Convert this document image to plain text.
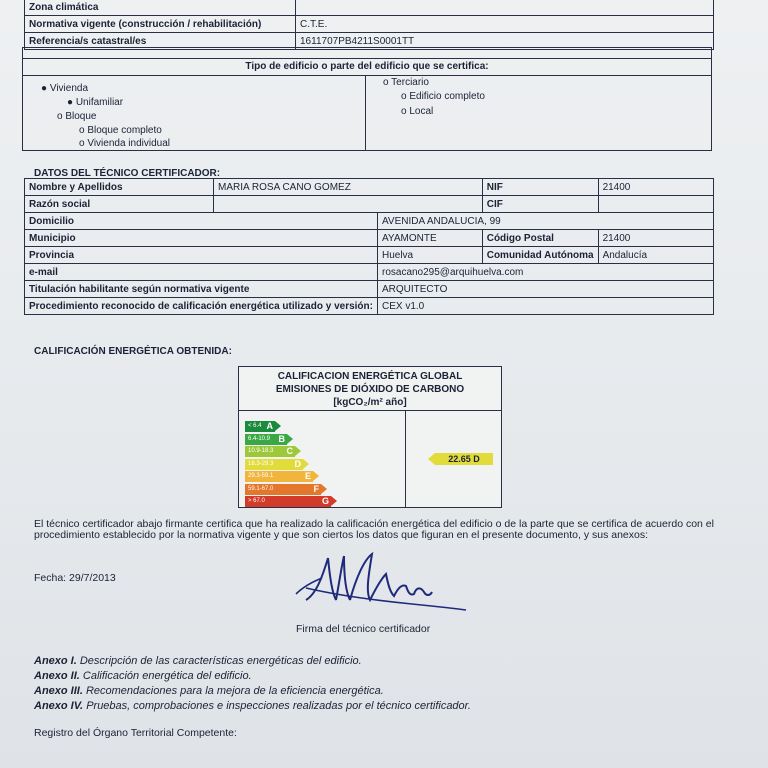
Zona climática	
Normativa vigente (construcción / rehabilitación)	C.T.E.
Referencia/s catastral/es	1611707PB4211S0001TT
Tipo de edificio o parte del edificio que se certifica:
● Vivienda
● Unifamiliar
o Bloque
o Bloque completo
o Vivienda individual
o Terciario
o Edificio completo
o Local
DATOS DEL TÉCNICO CERTIFICADOR:
Nombre y Apellidos	MARIA ROSA CANO GOMEZ		NIF	21400
Razón social			CIF	
Domicilio		AVENIDA ANDALUCIA, 99		
Municipio		AYAMONTE	Código Postal	21400
Provincia		Huelva	Comunidad Autónoma	Andalucía
e-mail		rosacano295@arquihuelva.com		
Titulación habilitante según normativa vigente		ARQUITECTO		
Procedimiento reconocido de calificación energética utilizado y versión:		CEX v1.0		
CALIFICACIÓN ENERGÉTICA OBTENIDA:
CALIFICACION ENERGÉTICA GLOBAL
EMISIONES DE DIÓXIDO DE CARBONO
[kgCO₂/m² año]
< 6.4 A
6.4-10.9 B
10.9-18.3 C
18.3-29.3 D
29.3-59.1	E
59.1-67.0	F
> 67.0	G
22.65 D
El técnico certificador abajo firmante certifica que ha realizado la calificación energética del edificio o de la parte que se certifica de acuerdo con el procedimiento establecido por la normativa vigente y que son ciertos los datos que figuran en el presente documento, y sus anexos:
Fecha: 29/7/2013
Firma del técnico certificador
Anexo I. Descripción de las características energéticas del edificio.
Anexo II. Calificación energética del edificio.
Anexo III. Recomendaciones para la mejora de la eficiencia energética.
Anexo IV. Pruebas, comprobaciones e inspecciones realizadas por el técnico certificador.
Registro del Órgano Territorial Competente:
